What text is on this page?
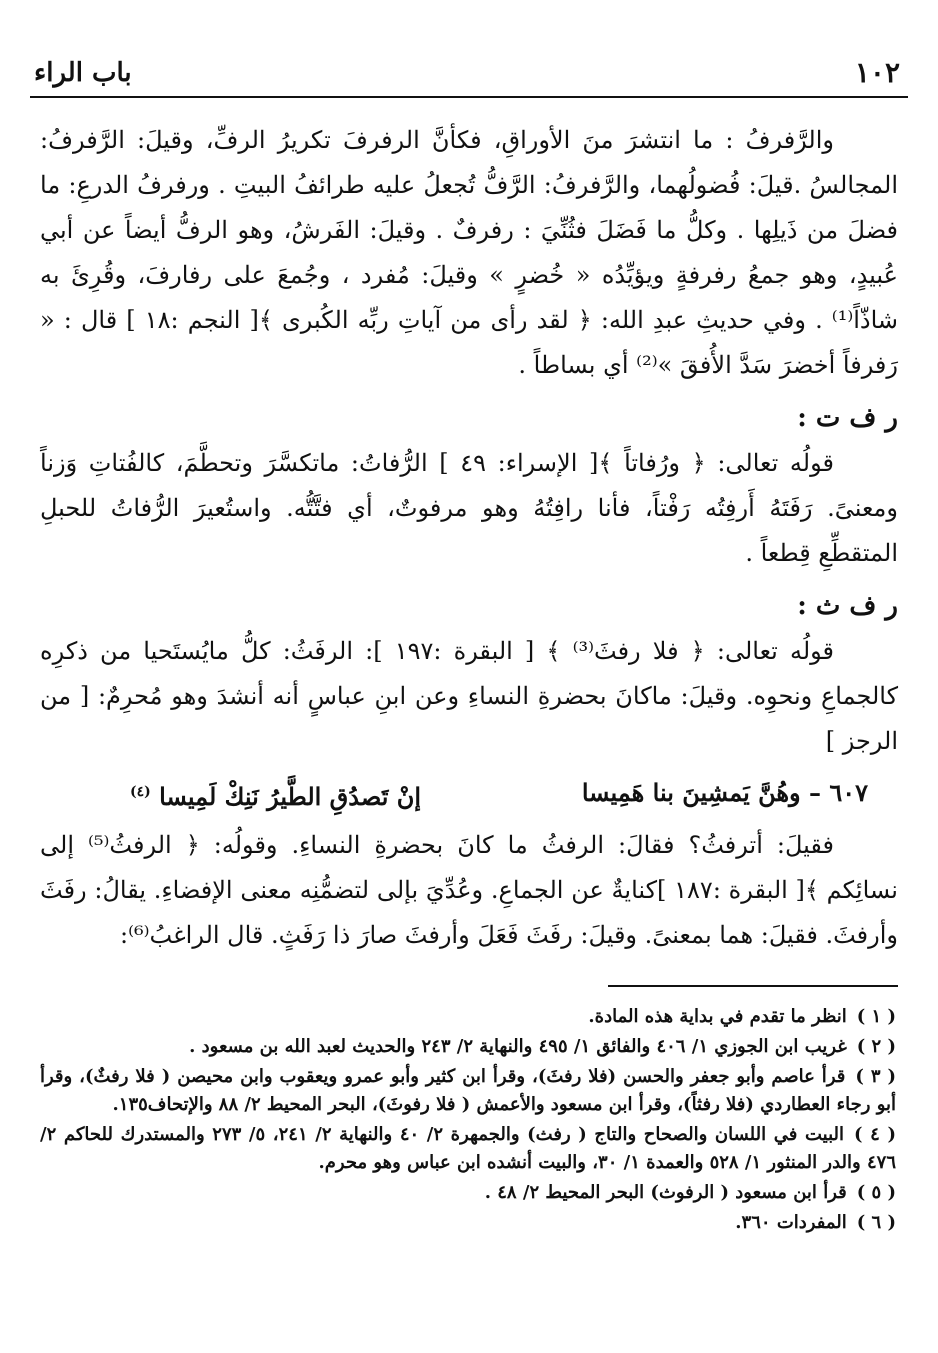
باب الراء	١٠٢

والرَّفرفُ : ما انتشرَ منَ الأوراقِ، فكأنَّ الرفرفَ تكريرُ الرفِّ، وقيلَ: الرَّفرفُ: المجالسُ .قيلَ: فُضولُهما، والرَّفرفُ: الرَّفُّ تُجعلُ عليه طرائفُ البيتِ . ورفرفُ الدرعِ: ما فضلَ من ذَيلِها . وكلُّ ما فَضَلَ فثُنِّيَ : رفرفٌ . وقيلَ: الفَرشُ، وهو الرفُّ أيضاً عن أبي عُبيدٍ، وهو جمعُ رفرفةٍ ويؤيِّدُه « خُضرٍ » وقيلَ: مُفرد ، وجُمعَ على رفارفَ، وقُرِئَ به شاذّاً⁽¹⁾ . وفي حديثِ عبدِ الله: ﴿ لقد رأى من آياتِ ربِّه الكُبرى ﴾[ النجم :١٨ ] قال : « رَفرفاً أخضرَ سَدَّ الأُفقَ »⁽²⁾ أي بساطاً .

ر ف ت :

قولُه تعالى: ﴿ ورُفاتاً ﴾[ الإسراء: ٤٩ ] الرُّفاتُ: ماتكسَّرَ وتحطَّمَ، كالفُتاتِ وَزناً ومعنىً. رَفَتَهُ أَرفِتُه رَفْتاً، فأنا رافِتُهُ وهو مرفوتٌ، أي فتَّتُّه. واستُعيرَ الرُّفاتُ للحبلِ المتقطِّعِ قِطعاً .

ر ف ث :

قولُه تعالى: ﴿ فلا رفثَ⁽³⁾ ﴾ [ البقرة :١٩٧ ]: الرفَثُ: كلُّ مايُستَحيا من ذكرِه كالجماعِ ونحوِه. وقيلَ: ماكانَ بحضرةِ النساءِ وعن ابنِ عباسٍ أنه أنشدَ وهو مُحرِمٌ: [ من الرجز ]

٦٠٧ – وهُنَّ يَمشِينَ بنا هَمِيسا
إنْ تَصدُقِ الطَّيرُ نَنِكْ لَمِيسا $^{(٤)}$

فقيلَ: أترفثُ؟ فقالَ: الرفثُ ما كانَ بحضرةِ النساءِ. وقولُه: ﴿ الرفثُ⁽⁵⁾ إلى نسائِكم ﴾[ البقرة :١٨٧ ]كنايةٌ عن الجماعِ. وعُدِّيَ بإلى لتضمُّنِه معنى الإفضاءِ. يقالُ: رفَثَ وأرفثَ. فقيلَ: هما بمعنىً. وقيلَ: رفَثَ فَعَلَ وأرفثَ صارَ ذا رَفَثٍ. قال الراغبُ⁽⁶⁾:

( ١ )انظر ما تقدم في بداية هذه المادة.

( ٢ )غريب ابن الجوزي ١/ ٤٠٦ والفائق ١/ ٤٩٥ والنهاية ٢/ ٢٤٣ والحديث لعبد الله بن مسعود .

( ٣ )قرأ عاصم وأبو جعفر والحسن (فلا رفثَ)، وقرأ ابن كثير وأبو عمرو ويعقوب وابن محيصن ( فلا رفثٌ)، وقرأ أبو رجاء العطاردي (فلا رفثاً)، وقرأ ابن مسعود والأعمش ( فلا رفوثَ)، البحر المحيط ٢/ ٨٨ والإتحاف١٣٥.

( ٤ )البيت في اللسان والصحاح والتاج ( رفث) والجمهرة ٢/ ٤٠ والنهاية ٢/ ٢٤١، ٥/ ٢٧٣ والمستدرك للحاكم ٢/ ٤٧٦ والدر المنثور ١/ ٥٢٨ والعمدة ١/ ٣٠، والبيت أنشده ابن عباس وهو محرم.

( ٥ )قرأ ابن مسعود ( الرفوث) البحر المحيط ٢/ ٤٨ .

( ٦ )المفردات ٣٦٠.
